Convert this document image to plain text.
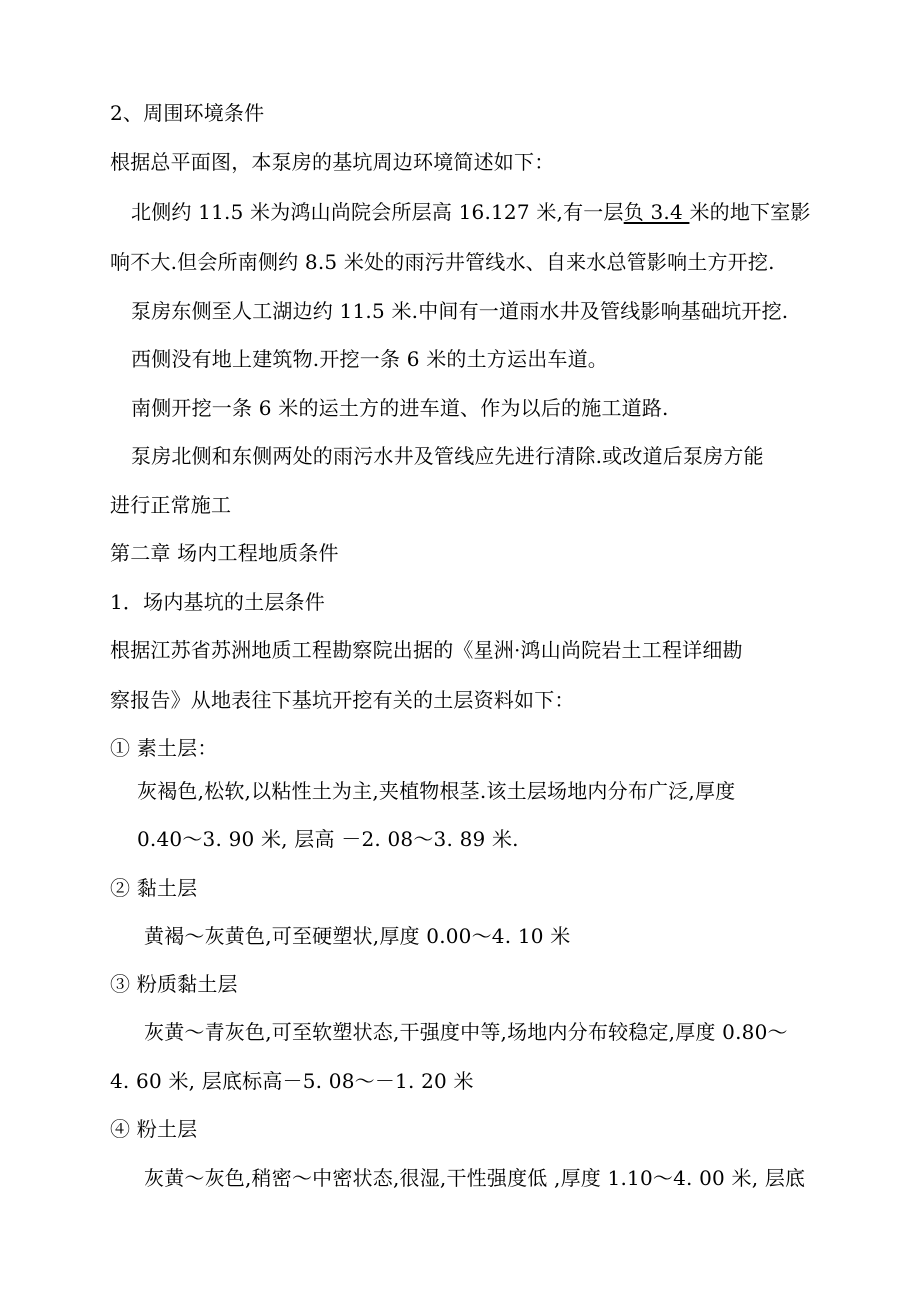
2、周围环境条件
根据总平面图，本泵房的基坑周边环境简述如下：
北侧约 11.5 米为鸿山尚院会所层高 16.127 米,有一层负 3.4 米的地下室影
响不大.但会所南侧约 8.5 米处的雨污井管线水、自来水总管影响土方开挖.
泵房东侧至人工湖边约 11.5 米.中间有一道雨水井及管线影响基础坑开挖.
西侧没有地上建筑物.开挖一条 6 米的土方运出车道。
南侧开挖一条 6 米的运土方的进车道、作为以后的施工道路.
泵房北侧和东侧两处的雨污水井及管线应先进行清除.或改道后泵房方能
进行正常施工
第二章 场内工程地质条件
1．场内基坑的土层条件
根据江苏省苏洲地质工程勘察院出据的《星洲·鸿山尚院岩土工程详细勘
察报告》从地表往下基坑开挖有关的土层资料如下：
① 素土层：
灰褐色,松软,以粘性土为主,夹植物根茎.该土层场地内分布广泛,厚度
0.40～3. 90 米, 层高 －2. 08～3. 89 米.
② 黏土层
黄褐～灰黄色,可至硬塑状,厚度 0.00～4. 10 米
③ 粉质黏土层
灰黄～青灰色,可至软塑状态,干强度中等,场地内分布较稳定,厚度 0.80～
4. 60 米, 层底标高－5. 08～－1. 20 米
④ 粉土层
灰黄～灰色,稍密～中密状态,很湿,干性强度低 ,厚度 1.10～4. 00 米, 层底
